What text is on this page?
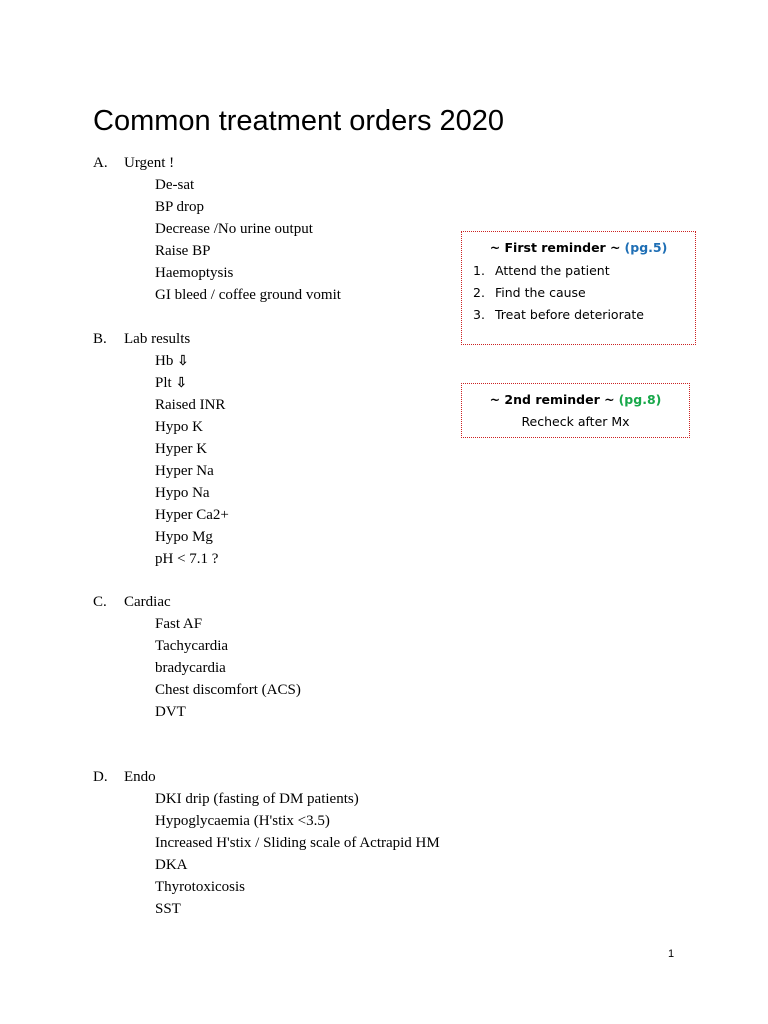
Common treatment orders 2020
A. Urgent !
De-sat
BP drop
Decrease /No urine output
Raise BP
Haemoptysis
GI bleed / coffee ground vomit
B. Lab results
Hb ⇩
Plt ⇩
Raised INR
Hypo K
Hyper K
Hyper Na
Hypo Na
Hyper Ca2+
Hypo Mg
pH < 7.1 ?
C. Cardiac
Fast AF
Tachycardia
bradycardia
Chest discomfort (ACS)
DVT
D. Endo
DKI drip (fasting of DM patients)
Hypoglycaemia (H'stix <3.5)
Increased H'stix / Sliding scale of Actrapid HM
DKA
Thyrotoxicosis
SST
~ First reminder ~ (pg.5)
1. Attend the patient
2. Find the cause
3. Treat before deteriorate
~ 2nd reminder ~ (pg.8)
Recheck after Mx
1
